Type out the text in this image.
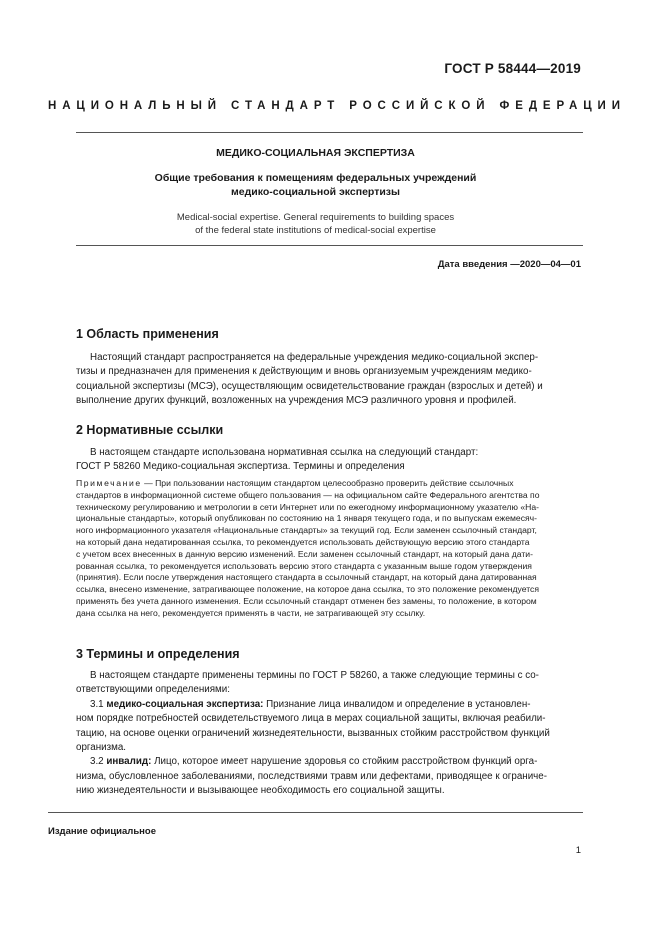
ГОСТ Р 58444—2019
НАЦИОНАЛЬНЫЙ СТАНДАРТ РОССИЙСКОЙ ФЕДЕРАЦИИ
МЕДИКО-СОЦИАЛЬНАЯ ЭКСПЕРТИЗА
Общие требования к помещениям федеральных учреждений
медико-социальной экспертизы
Medical-social expertise. General requirements to building spaces
of the federal state institutions of medical-social expertise
Дата введения —2020—04—01
1 Область применения
Настоящий стандарт распространяется на федеральные учреждения медико-социальной экспер-
тизы и предназначен для применения к действующим и вновь организуемым учреждениям медико-
социальной экспертизы (МСЭ), осуществляющим освидетельствование граждан (взрослых и детей) и
выполнение других функций, возложенных на учреждения МСЭ различного уровня и профилей.
2 Нормативные ссылки
В настоящем стандарте использована нормативная ссылка на следующий стандарт:
ГОСТ Р 58260 Медико-социальная экспертиза. Термины и определения
Примечание — При пользовании настоящим стандартом целесообразно проверить действие ссылочных
стандартов в информационной системе общего пользования — на официальном сайте Федерального агентства по
техническому регулированию и метрологии в сети Интернет или по ежегодному информационному указателю «На-
циональные стандарты», который опубликован по состоянию на 1 января текущего года, и по выпускам ежемесяч-
ного информационного указателя «Национальные стандарты» за текущий год. Если заменен ссылочный стандарт,
на который дана недатированная ссылка, то рекомендуется использовать действующую версию этого стандарта
с учетом всех внесенных в данную версию изменений. Если заменен ссылочный стандарт, на который дана дати-
рованная ссылка, то рекомендуется использовать версию этого стандарта с указанным выше годом утверждения
(принятия). Если после утверждения настоящего стандарта в ссылочный стандарт, на который дана датированная
ссылка, внесено изменение, затрагивающее положение, на которое дана ссылка, то это положение рекомендуется
применять без учета данного изменения. Если ссылочный стандарт отменен без замены, то положение, в котором
дана ссылка на него, рекомендуется применять в части, не затрагивающей эту ссылку.
3 Термины и определения
В настоящем стандарте применены термины по ГОСТ Р 58260, а также следующие термины с со-
ответствующими определениями:
3.1 медико-социальная экспертиза: Признание лица инвалидом и определение в установлен-
ном порядке потребностей освидетельствуемого лица в мерах социальной защиты, включая реабили-
тацию, на основе оценки ограничений жизнедеятельности, вызванных стойким расстройством функций
организма.
3.2 инвалид: Лицо, которое имеет нарушение здоровья со стойким расстройством функций орга-
низма, обусловленное заболеваниями, последствиями травм или дефектами, приводящее к ограниче-
нию жизнедеятельности и вызывающее необходимость его социальной защиты.
Издание официальное
1
